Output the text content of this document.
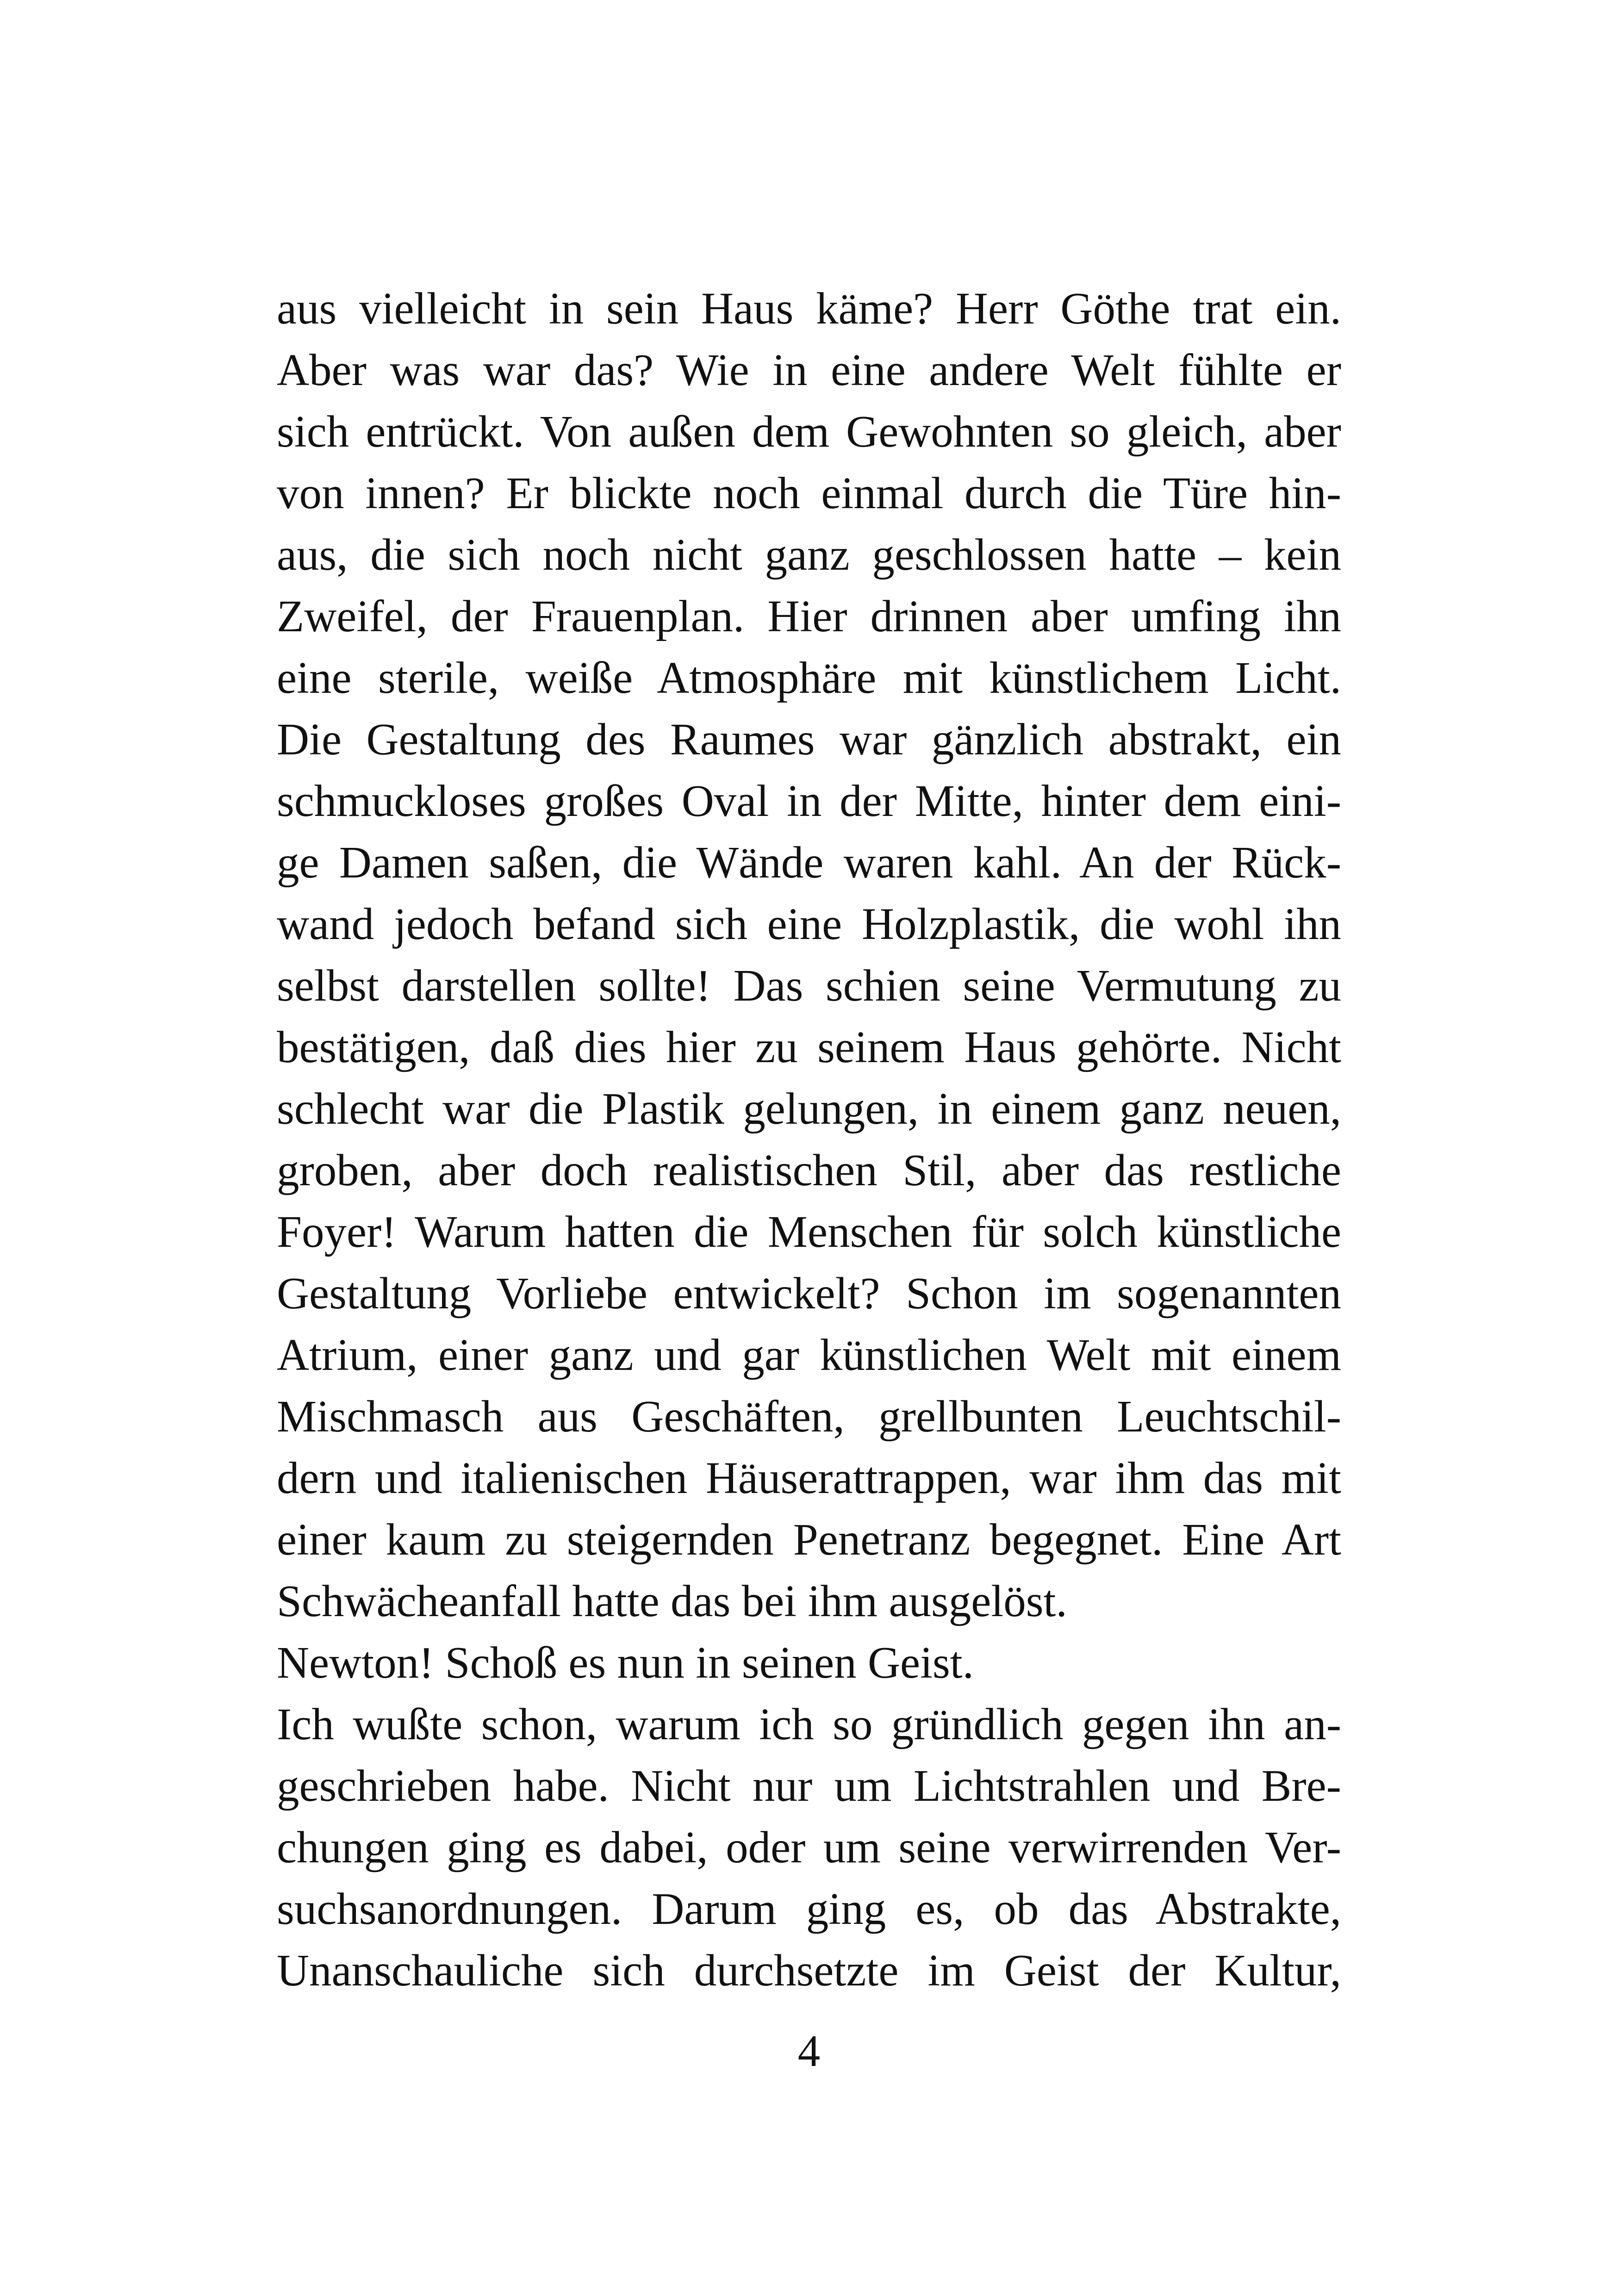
aus vielleicht in sein Haus käme? Herr Göthe trat ein.
Aber was war das? Wie in eine andere Welt fühlte er
sich entrückt. Von außen dem Gewohnten so gleich, aber
von innen? Er blickte noch einmal durch die Türe hin-
aus, die sich noch nicht ganz geschlossen hatte – kein
Zweifel, der Frauenplan. Hier drinnen aber umfing ihn
eine sterile, weiße Atmosphäre mit künstlichem Licht.
Die Gestaltung des Raumes war gänzlich abstrakt, ein
schmuckloses großes Oval in der Mitte, hinter dem eini-
ge Damen saßen, die Wände waren kahl. An der Rück-
wand jedoch befand sich eine Holzplastik, die wohl ihn
selbst darstellen sollte! Das schien seine Vermutung zu
bestätigen, daß dies hier zu seinem Haus gehörte. Nicht
schlecht war die Plastik gelungen, in einem ganz neuen,
groben, aber doch realistischen Stil, aber das restliche
Foyer! Warum hatten die Menschen für solch künstliche
Gestaltung Vorliebe entwickelt? Schon im sogenannten
Atrium, einer ganz und gar künstlichen Welt mit einem
Mischmasch aus Geschäften, grellbunten Leuchtschil-
dern und italienischen Häuserattrappen, war ihm das mit
einer kaum zu steigernden Penetranz begegnet. Eine Art
Schwächeanfall hatte das bei ihm ausgelöst.
Newton! Schoß es nun in seinen Geist.
Ich wußte schon, warum ich so gründlich gegen ihn an-
geschrieben habe. Nicht nur um Lichtstrahlen und Bre-
chungen ging es dabei, oder um seine verwirrenden Ver-
suchsanordnungen. Darum ging es, ob das Abstrakte,
Unanschauliche sich durchsetzte im Geist der Kultur,
4
